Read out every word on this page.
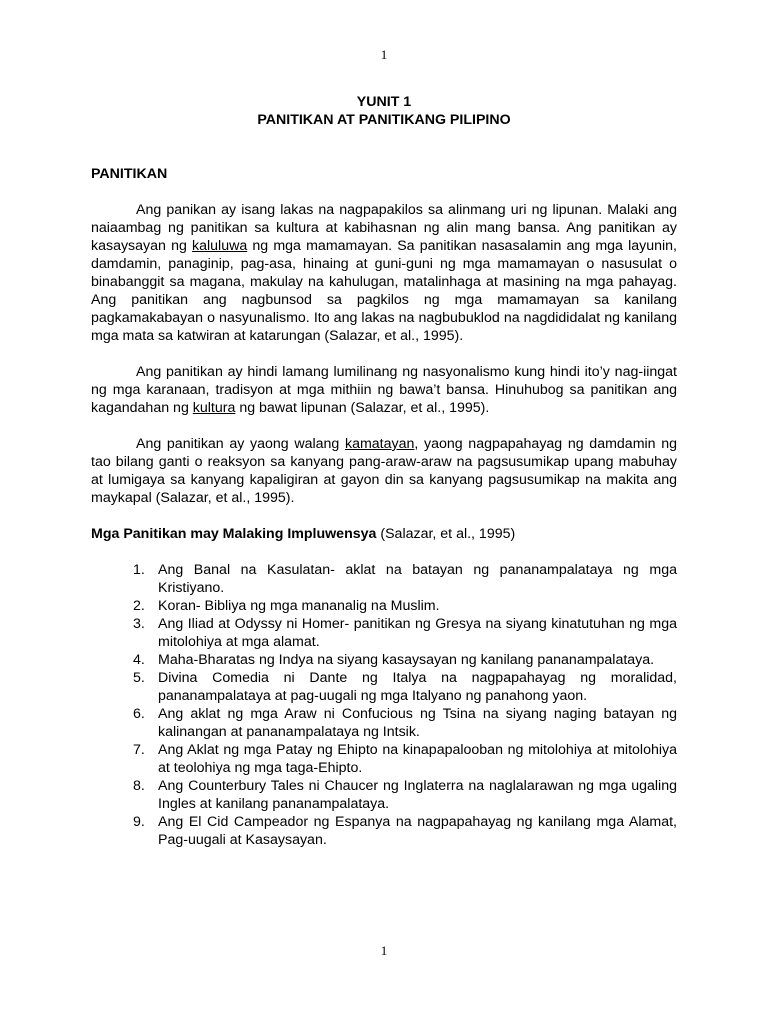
1
YUNIT 1
PANITIKAN AT PANITIKANG PILIPINO
PANITIKAN

Ang panikan ay isang lakas na nagpapakilos sa alinmang uri ng lipunan. Malaki ang naiaambag ng panitikan sa kultura at kabihasnan ng alin mang bansa. Ang panitikan ay kasaysayan ng kaluluwa ng mga mamamayan. Sa panitikan nasasalamin ang mga layunin, damdamin, panaginip, pag-asa, hinaing at guni-guni ng mga mamamayan o nasusulat o binabanggit sa magana, makulay na kahulugan, matalinhaga at masining na mga pahayag. Ang panitikan ang nagbunsod sa pagkilos ng mga mamamayan sa kanilang pagkamakabayan o nasyunalismo. Ito ang lakas na nagbubuklod na nagdididalat ng kanilang mga mata sa katwiran at katarungan (Salazar, et al., 1995).

Ang panitikan ay hindi lamang lumilinang ng nasyonalismo kung hindi ito’y nag-iingat ng mga karanaan, tradisyon at mga mithiin ng bawa’t bansa. Hinuhubog sa panitikan ang kagandahan ng kultura ng bawat lipunan (Salazar, et al., 1995).

Ang panitikan ay yaong walang kamatayan, yaong nagpapahayag ng damdamin ng tao bilang ganti o reaksyon sa kanyang pang-araw-araw na pagsusumikap upang mabuhay at lumigaya sa kanyang kapaligiran at gayon din sa kanyang pagsusumikap na makita ang maykapal (Salazar, et al., 1995).

Mga Panitikan may Malaking Impluwensya (Salazar, et al., 1995)
1. Ang Banal na Kasulatan- aklat na batayan ng pananampalataya ng mga Kristiyano.
2. Koran- Bibliya ng mga mananalig na Muslim.
3. Ang Iliad at Odyssy ni Homer- panitikan ng Gresya na siyang kinatutuhan ng mga mitolohiya at mga alamat.
4. Maha-Bharatas ng Indya na siyang kasaysayan ng kanilang pananampalataya.
5. Divina Comedia ni Dante ng Italya na nagpapahayag ng moralidad, pananampalataya at pag-uugali ng mga Italyano ng panahong yaon.
6. Ang aklat ng mga Araw ni Confucious ng Tsina na siyang naging batayan ng kalinangan at pananampalataya ng Intsik.
7. Ang Aklat ng mga Patay ng Ehipto na kinapapalooban ng mitolohiya at mitolohiya at teolohiya ng mga taga-Ehipto.
8. Ang Counterbury Tales ni Chaucer ng Inglaterra na naglalarawan ng mga ugaling Ingles at kanilang pananampalataya.
9. Ang El Cid Campeador ng Espanya na nagpapahayag ng kanilang mga Alamat, Pag-uugali at Kasaysayan.
1
